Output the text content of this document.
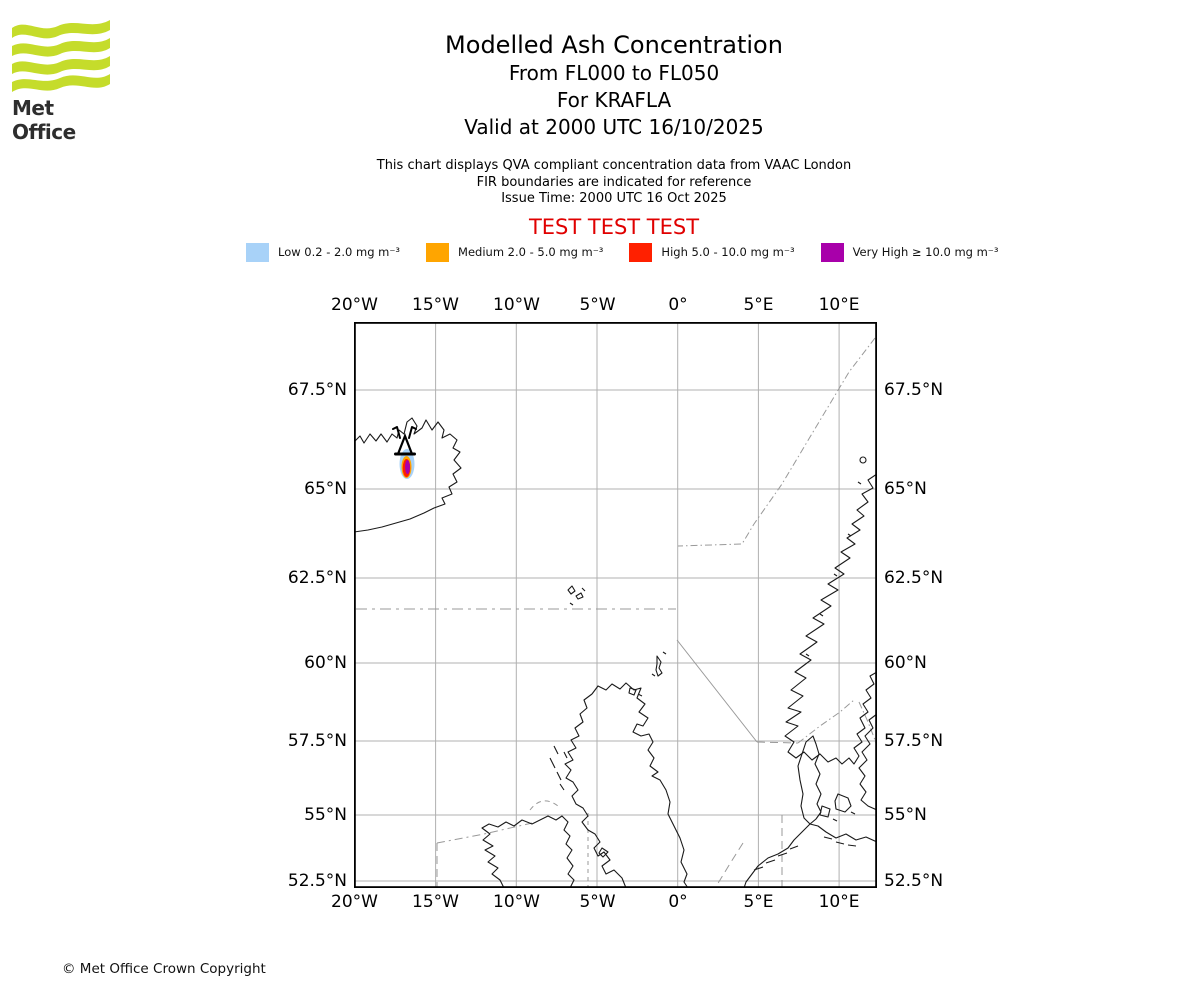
Met Office
Modelled Ash Concentration
From FL000 to FL050
For KRAFLA
Valid at 2000 UTC 16/10/2025
This chart displays QVA compliant concentration data from VAAC London
FIR boundaries are indicated for reference
Issue Time: 2000 UTC 16 Oct 2025
TEST TEST TEST
Low 0.2 - 2.0 mg m⁻³	Medium 2.0 - 5.0 mg m⁻³	High 5.0 - 10.0 mg m⁻³	Very High ≥ 10.0 mg m⁻³
20°W
20°W
15°W
15°W
10°W
10°W
5°W
5°W
0°
0°
5°E
5°E
10°E
10°E
67.5°N	67.5°N
65°N	65°N
62.5°N	62.5°N
60°N	60°N
57.5°N	57.5°N
55°N	55°N
52.5°N	52.5°N
© Met Office Crown Copyright
